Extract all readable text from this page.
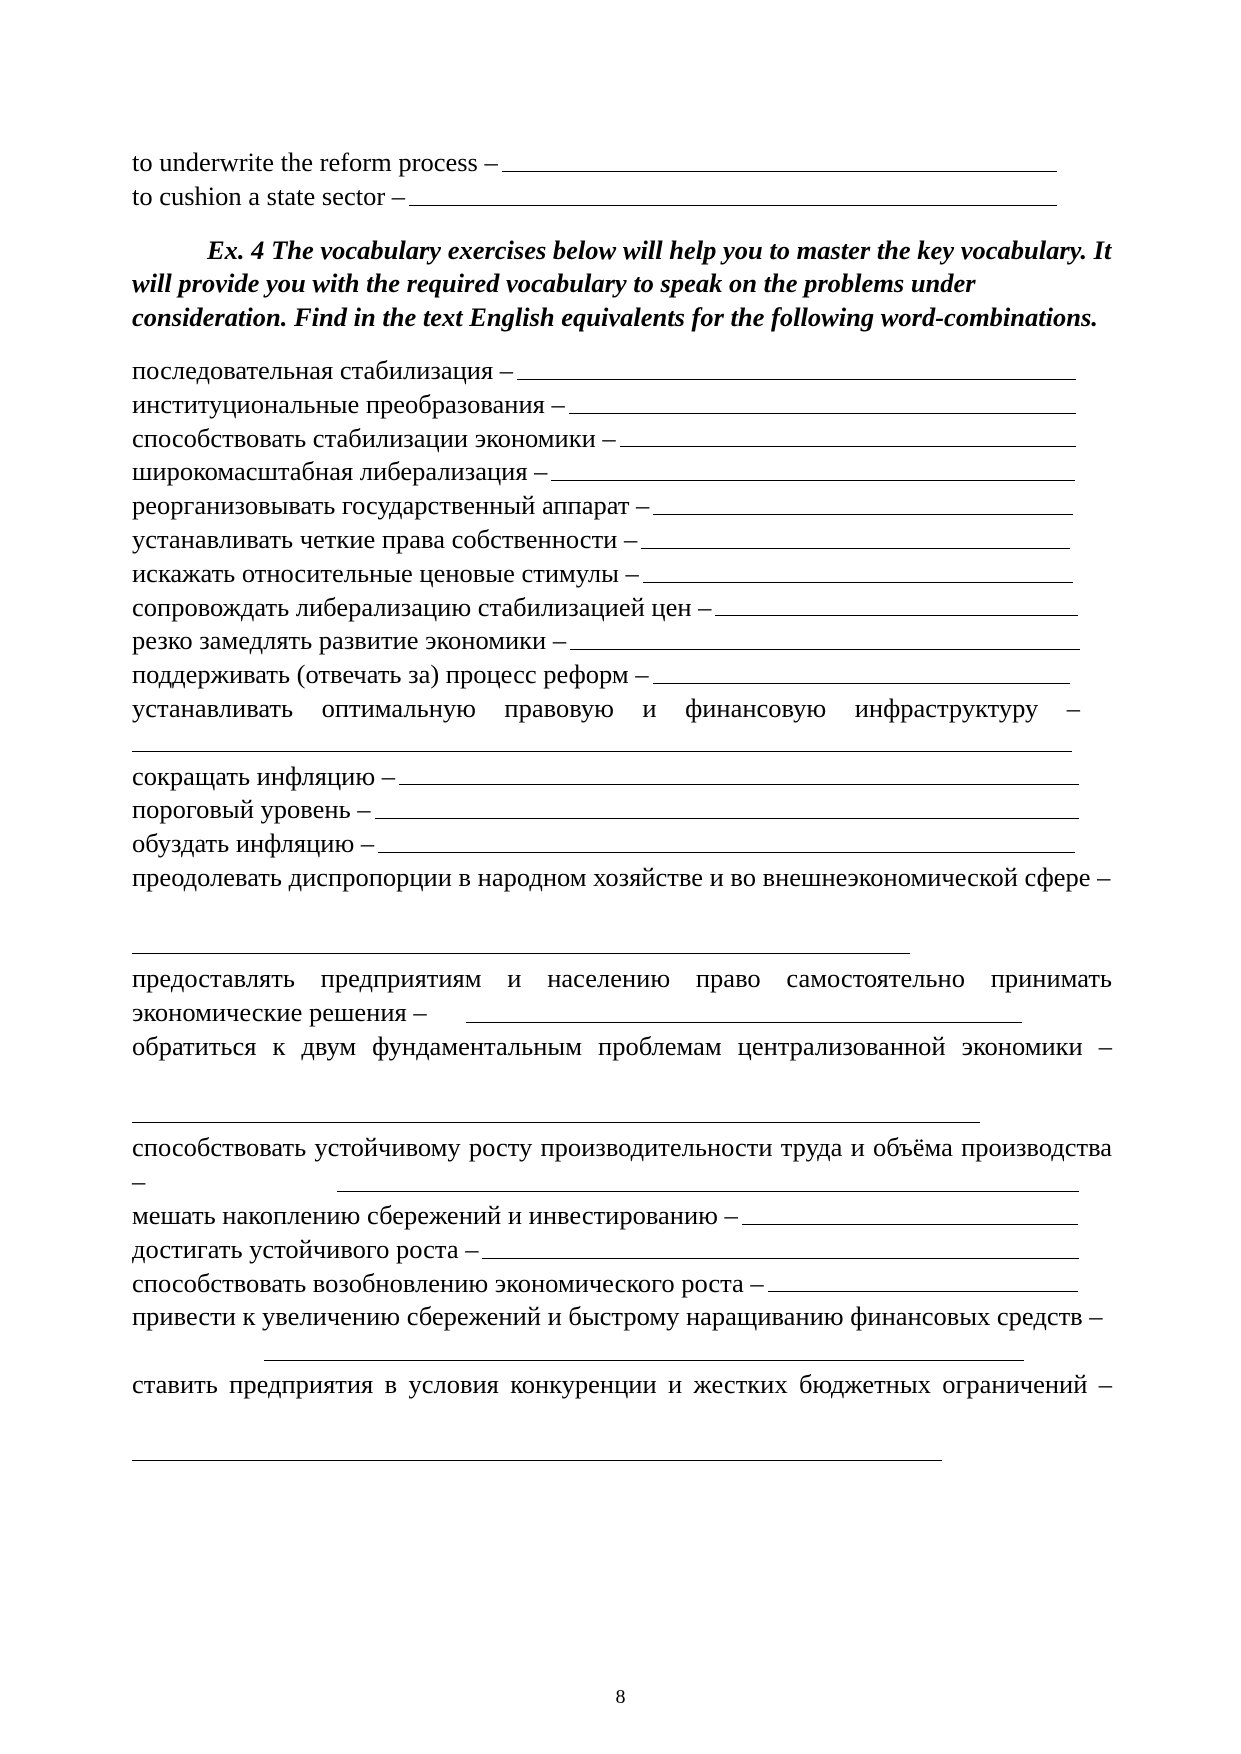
to underwrite the reform process –
to cushion a state sector –
Ex. 4 The vocabulary exercises below will help you to master the key vocabulary. It will provide you with the required vocabulary to speak on the problems under consideration. Find in the text English equivalents for the following word-combinations.
последовательная стабилизация –
институциональные преобразования –
способствовать стабилизации экономики –
широкомасштабная либерализация –
реорганизовывать государственный аппарат –
устанавливать четкие права собственности –
искажать относительные ценовые стимулы –
сопровождать либерализацию стабилизацией цен –
резко замедлять развитие экономики –
поддерживать (отвечать за) процесс реформ –
устанавливать оптимальную правовую и финансовую инфраструктуру –
сокращать инфляцию –
пороговый уровень –
обуздать инфляцию –
преодолевать диспропорции в народном хозяйстве и во внешнеэкономической сфере –
предоставлять предприятиям и населению право самостоятельно принимать экономические решения –
обратиться к двум фундаментальным проблемам централизованной экономики –
способствовать устойчивому росту производительности труда и объёма производства –
мешать накоплению сбережений и инвестированию –
достигать устойчивого роста –
способствовать возобновлению экономического роста –
привести к увеличению сбережений и быстрому наращиванию финансовых средств –
ставить предприятия в условия конкуренции и жестких бюджетных ограничений –
8
